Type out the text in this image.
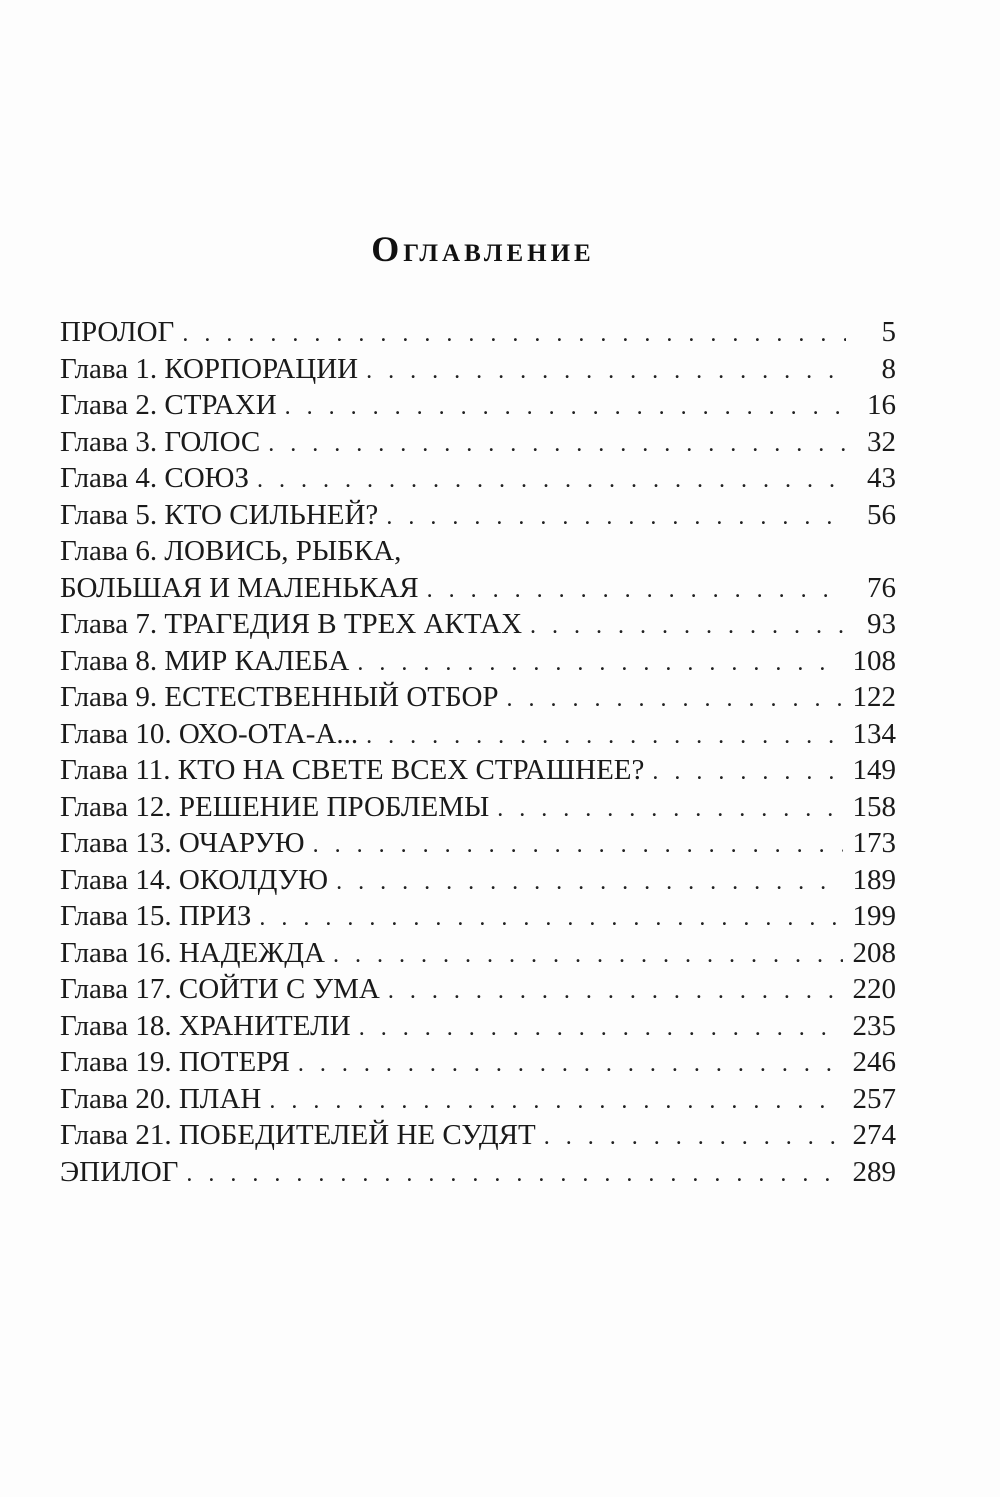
Оглавление
ПРОЛОГ . . .	5
Глава 1. КОРПОРАЦИИ . . .	8
Глава 2. СТРАХИ . . .	16
Глава 3. ГОЛОС . . .	32
Глава 4. СОЮЗ . . .	43
Глава 5. КТО СИЛЬНЕЙ? . . .	56
Глава 6. ЛОВИСЬ, РЫБКА,
БОЛЬШАЯ И МАЛЕНЬКАЯ . . .	76
Глава 7. ТРАГЕДИЯ В ТРЕХ АКТАХ . . .	93
Глава 8. МИР КАЛЕБА . . .	108
Глава 9. ЕСТЕСТВЕННЫЙ ОТБОР . . .	122
Глава 10. ОХО-ОТА-А... . . .	134
Глава 11. КТО НА СВЕТЕ ВСЕХ СТРАШНЕЕ? . . .	149
Глава 12. РЕШЕНИЕ ПРОБЛЕМЫ . . .	158
Глава 13. ОЧАРУЮ . . .	173
Глава 14. ОКОЛДУЮ . . .	189
Глава 15. ПРИЗ . . .	199
Глава 16. НАДЕЖДА . . .	208
Глава 17. СОЙТИ С УМА . . .	220
Глава 18. ХРАНИТЕЛИ . . .	235
Глава 19. ПОТЕРЯ . . .	246
Глава 20. ПЛАН . . .	257
Глава 21. ПОБЕДИТЕЛЕЙ НЕ СУДЯТ . . .	274
ЭПИЛОГ . . .	289
